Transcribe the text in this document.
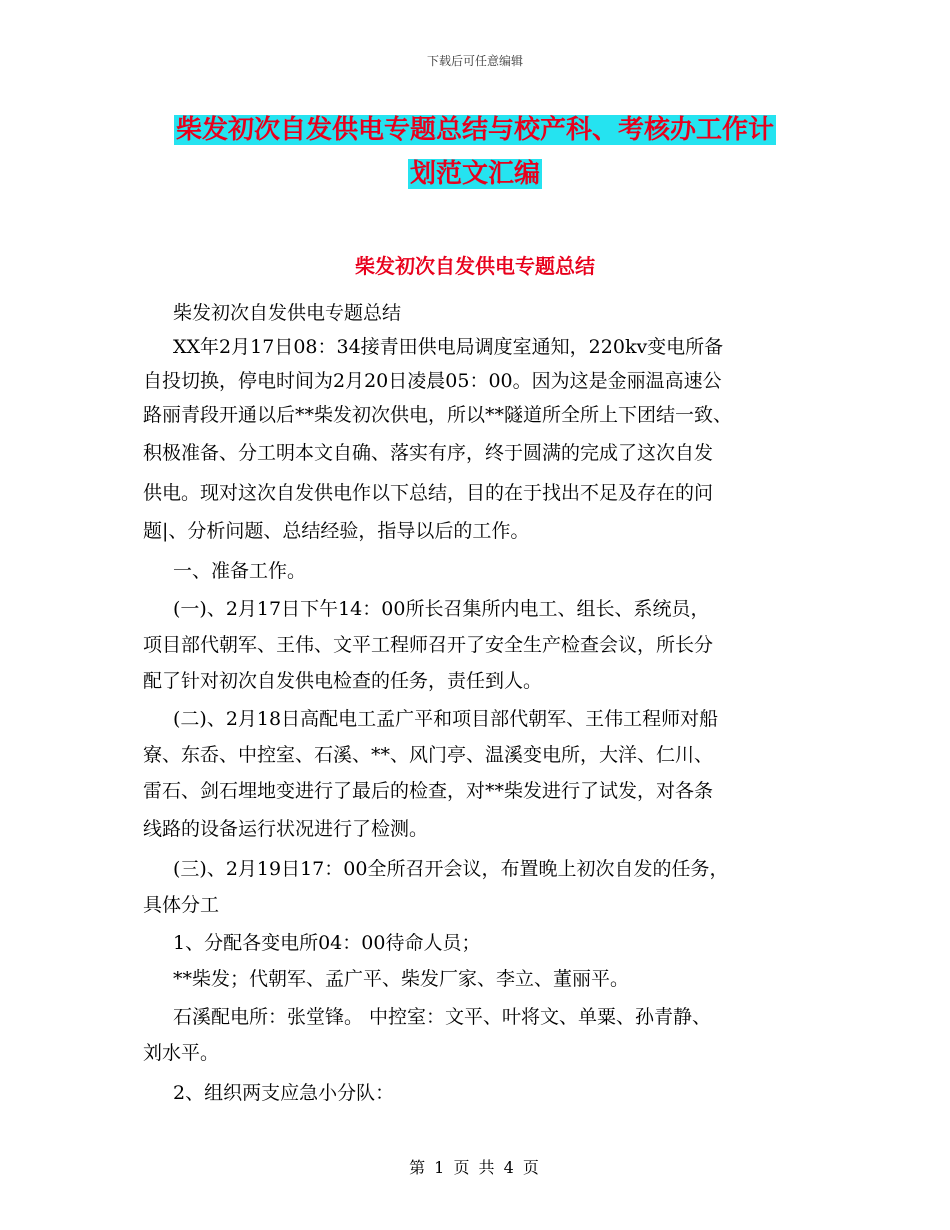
下载后可任意编辑
柴发初次自发供电专题总结与校产科、考核办工作计
划范文汇编
柴发初次自发供电专题总结
柴发初次自发供电专题总结
XX年2月17日08：34接青田供电局调度室通知，220kv变电所备
自投切换，停电时间为2月20日凌晨05：00。因为这是金丽温高速公
路丽青段开通以后**柴发初次供电，所以**隧道所全所上下团结一致、
积极准备、分工明本文自确、落实有序，终于圆满的完成了这次自发
供电。现对这次自发供电作以下总结，目的在于找出不足及存在的问
题|、分析问题、总结经验，指导以后的工作。
一、准备工作。
(一)、2月17日下午14：00所长召集所内电工、组长、系统员，
项目部代朝军、王伟、文平工程师召开了安全生产检查会议，所长分
配了针对初次自发供电检查的任务，责任到人。
(二)、2月18日高配电工孟广平和项目部代朝军、王伟工程师对船
寮、东岙、中控室、石溪、**、风门亭、温溪变电所，大洋、仁川、
雷石、剑石埋地变进行了最后的检查，对**柴发进行了试发，对各条
线路的设备运行状况进行了检测。
(三)、2月19日17：00全所召开会议，布置晚上初次自发的任务，
具体分工
1、分配各变电所04：00待命人员；
**柴发；代朝军、孟广平、柴发厂家、李立、董丽平。
石溪配电所：张堂锋。 中控室：文平、叶将文、单粟、孙青静、
刘水平。
2、组织两支应急小分队：
第 1 页 共 4 页
